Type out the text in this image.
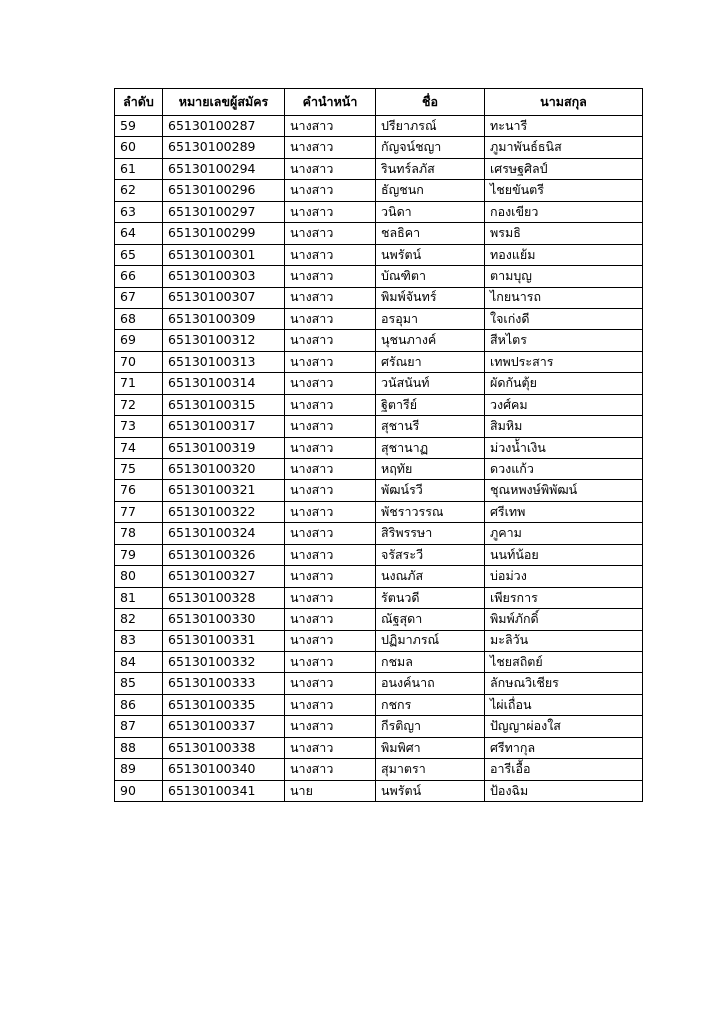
ลำดับ	หมายเลขผู้สมัคร	คำนำหน้า	ชื่อ	นามสกุล
59	65130100287	นางสาว	ปรียาภรณ์	ทะนารี
60	65130100289	นางสาว	กัญจน์ชญา	ภูมาพันธ์ธนิส
61	65130100294	นางสาว	รินทร์ลภัส	เศรษฐศิลป์
62	65130100296	นางสาว	ธัญชนก	ไชยขันตรี
63	65130100297	นางสาว	วนิดา	กองเขียว
64	65130100299	นางสาว	ชลธิคา	พรมธิ
65	65130100301	นางสาว	นพรัตน์	ทองแย้ม
66	65130100303	นางสาว	บัณฑิตา	ตามบุญ
67	65130100307	นางสาว	พิมพ์จันทร์	ไกยนารถ
68	65130100309	นางสาว	อรอุมา	ใจเก่งดี
69	65130100312	นางสาว	นุชนภางค์	สีหไตร
70	65130100313	นางสาว	ศรัณยา	เทพประสาร
71	65130100314	นางสาว	วนัสนันท์	ผัดกันตุ้ย
72	65130100315	นางสาว	ฐิตารีย์	วงศ์คม
73	65130100317	นางสาว	สุชานรี	สิมหิม
74	65130100319	นางสาว	สุชานาฏ	ม่วงน้ำเงิน
75	65130100320	นางสาว	หฤทัย	ดวงแก้ว
76	65130100321	นางสาว	พัฒน์รวี	ชุณหพงษ์พิพัฒน์
77	65130100322	นางสาว	พัชราวรรณ	ศรีเทพ
78	65130100324	นางสาว	สิริพรรษา	ภูคาม
79	65130100326	นางสาว	จรัสระวี	นนท์น้อย
80	65130100327	นางสาว	นงณภัส	บ่อม่วง
81	65130100328	นางสาว	รัตนวดี	เพียรการ
82	65130100330	นางสาว	ณัฐสุดา	พิมพ์ภักดิ์
83	65130100331	นางสาว	ปฏิมาภรณ์	มะลิวัน
84	65130100332	นางสาว	กชมล	ไชยสถิตย์
85	65130100333	นางสาว	อนงค์นาถ	ลักษณวิเชียร
86	65130100335	นางสาว	กชกร	ไผ่เถื่อน
87	65130100337	นางสาว	กีรติญา	ปัญญาผ่องใส
88	65130100338	นางสาว	พิมพิศา	ศรีทากุล
89	65130100340	นางสาว	สุมาตรา	อารีเอื้อ
90	65130100341	นาย	นพรัตน์	ป้องฉิม
